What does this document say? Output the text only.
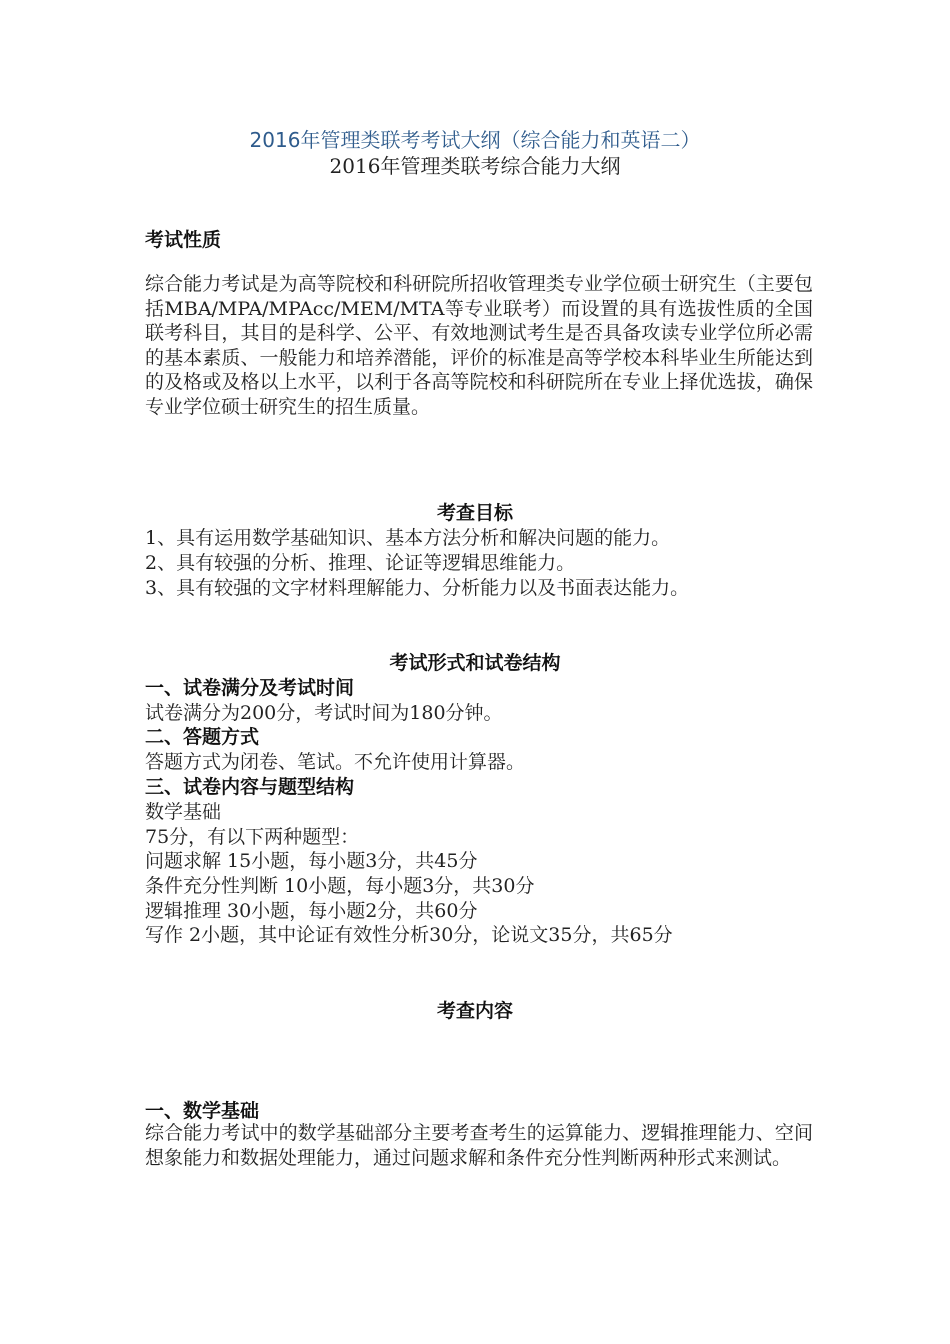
2016年管理类联考考试大纲（综合能力和英语二）
2016年管理类联考综合能力大纲
考试性质
综合能力考试是为高等院校和科研院所招收管理类专业学位硕士研究生（主要包括MBA/MPA/MPAcc/MEM/MTA等专业联考）而设置的具有选拔性质的全国联考科目，其目的是科学、公平、有效地测试考生是否具备攻读专业学位所必需的基本素质、一般能力和培养潜能，评价的标准是高等学校本科毕业生所能达到的及格或及格以上水平，以利于各高等院校和科研院所在专业上择优选拔，确保专业学位硕士研究生的招生质量。
考查目标
1、具有运用数学基础知识、基本方法分析和解决问题的能力。
2、具有较强的分析、推理、论证等逻辑思维能力。
3、具有较强的文字材料理解能力、分析能力以及书面表达能力。
考试形式和试卷结构
一、试卷满分及考试时间
试卷满分为200分，考试时间为180分钟。
二、答题方式
答题方式为闭卷、笔试。不允许使用计算器。
三、试卷内容与题型结构
数学基础
75分，有以下两种题型：
问题求解 15小题，每小题3分，共45分
条件充分性判断 10小题，每小题3分，共30分
逻辑推理 30小题，每小题2分，共60分
写作 2小题，其中论证有效性分析30分，论说文35分，共65分
考查内容
一、数学基础
综合能力考试中的数学基础部分主要考查考生的运算能力、逻辑推理能力、空间想象能力和数据处理能力，通过问题求解和条件充分性判断两种形式来测试。
